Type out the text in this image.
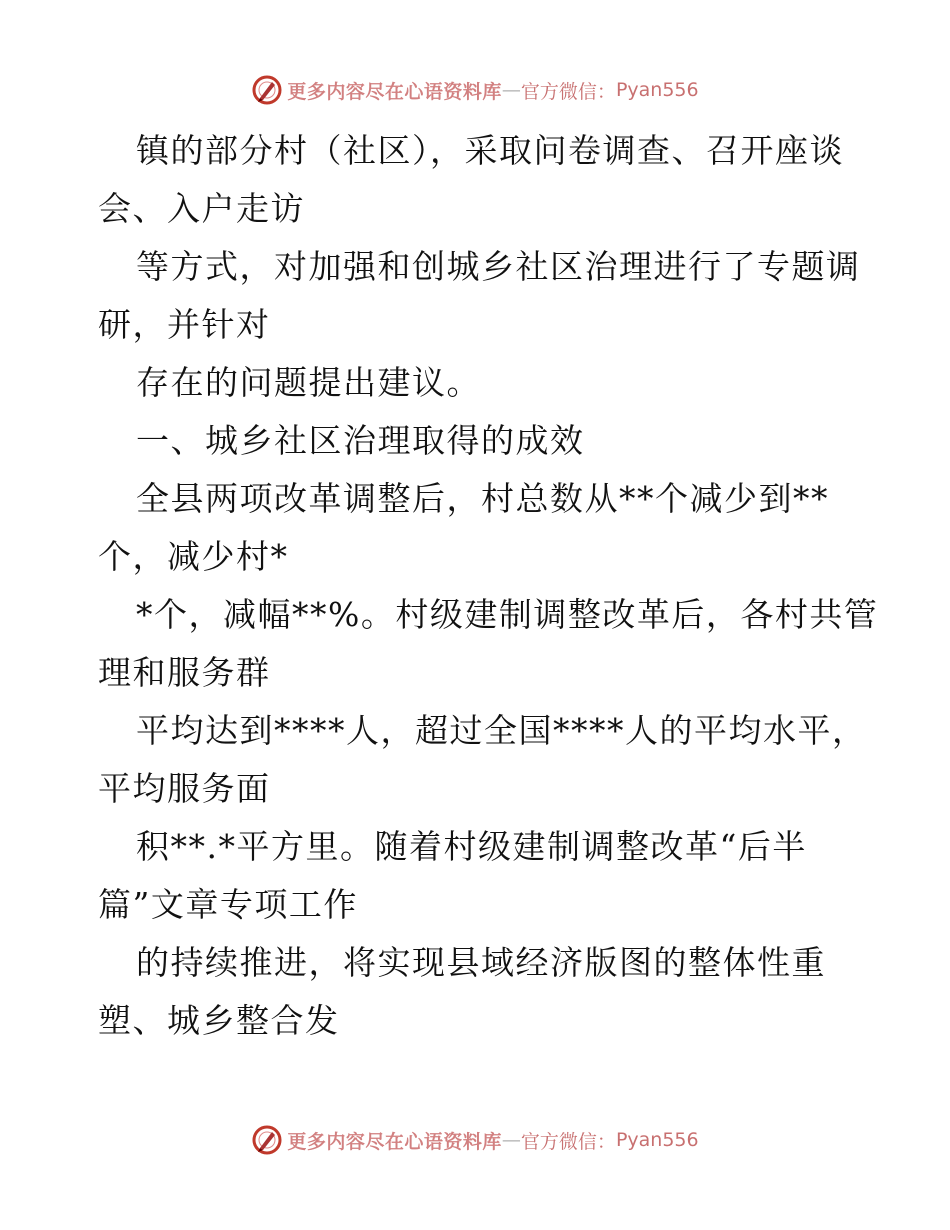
更多内容尽在心语资料库 — 官方微信： Pyan556
镇的部分村（社区），采取问卷调查、召开座谈
会、入户走访
等方式，对加强和创城乡社区治理进行了专题调
研，并针对
存在的问题提出建议。
一、城乡社区治理取得的成效
全县两项改革调整后，村总数从**个减少到**
个，减少村*
*个，减幅**%。村级建制调整改革后，各村共管
理和服务群
平均达到****人，超过全国****人的平均水平，
平均服务面
积**.*平方里。随着村级建制调整改革“后半
篇”文章专项工作
的持续推进，将实现县域经济版图的整体性重
塑、城乡整合发
更多内容尽在心语资料库 — 官方微信： Pyan556
